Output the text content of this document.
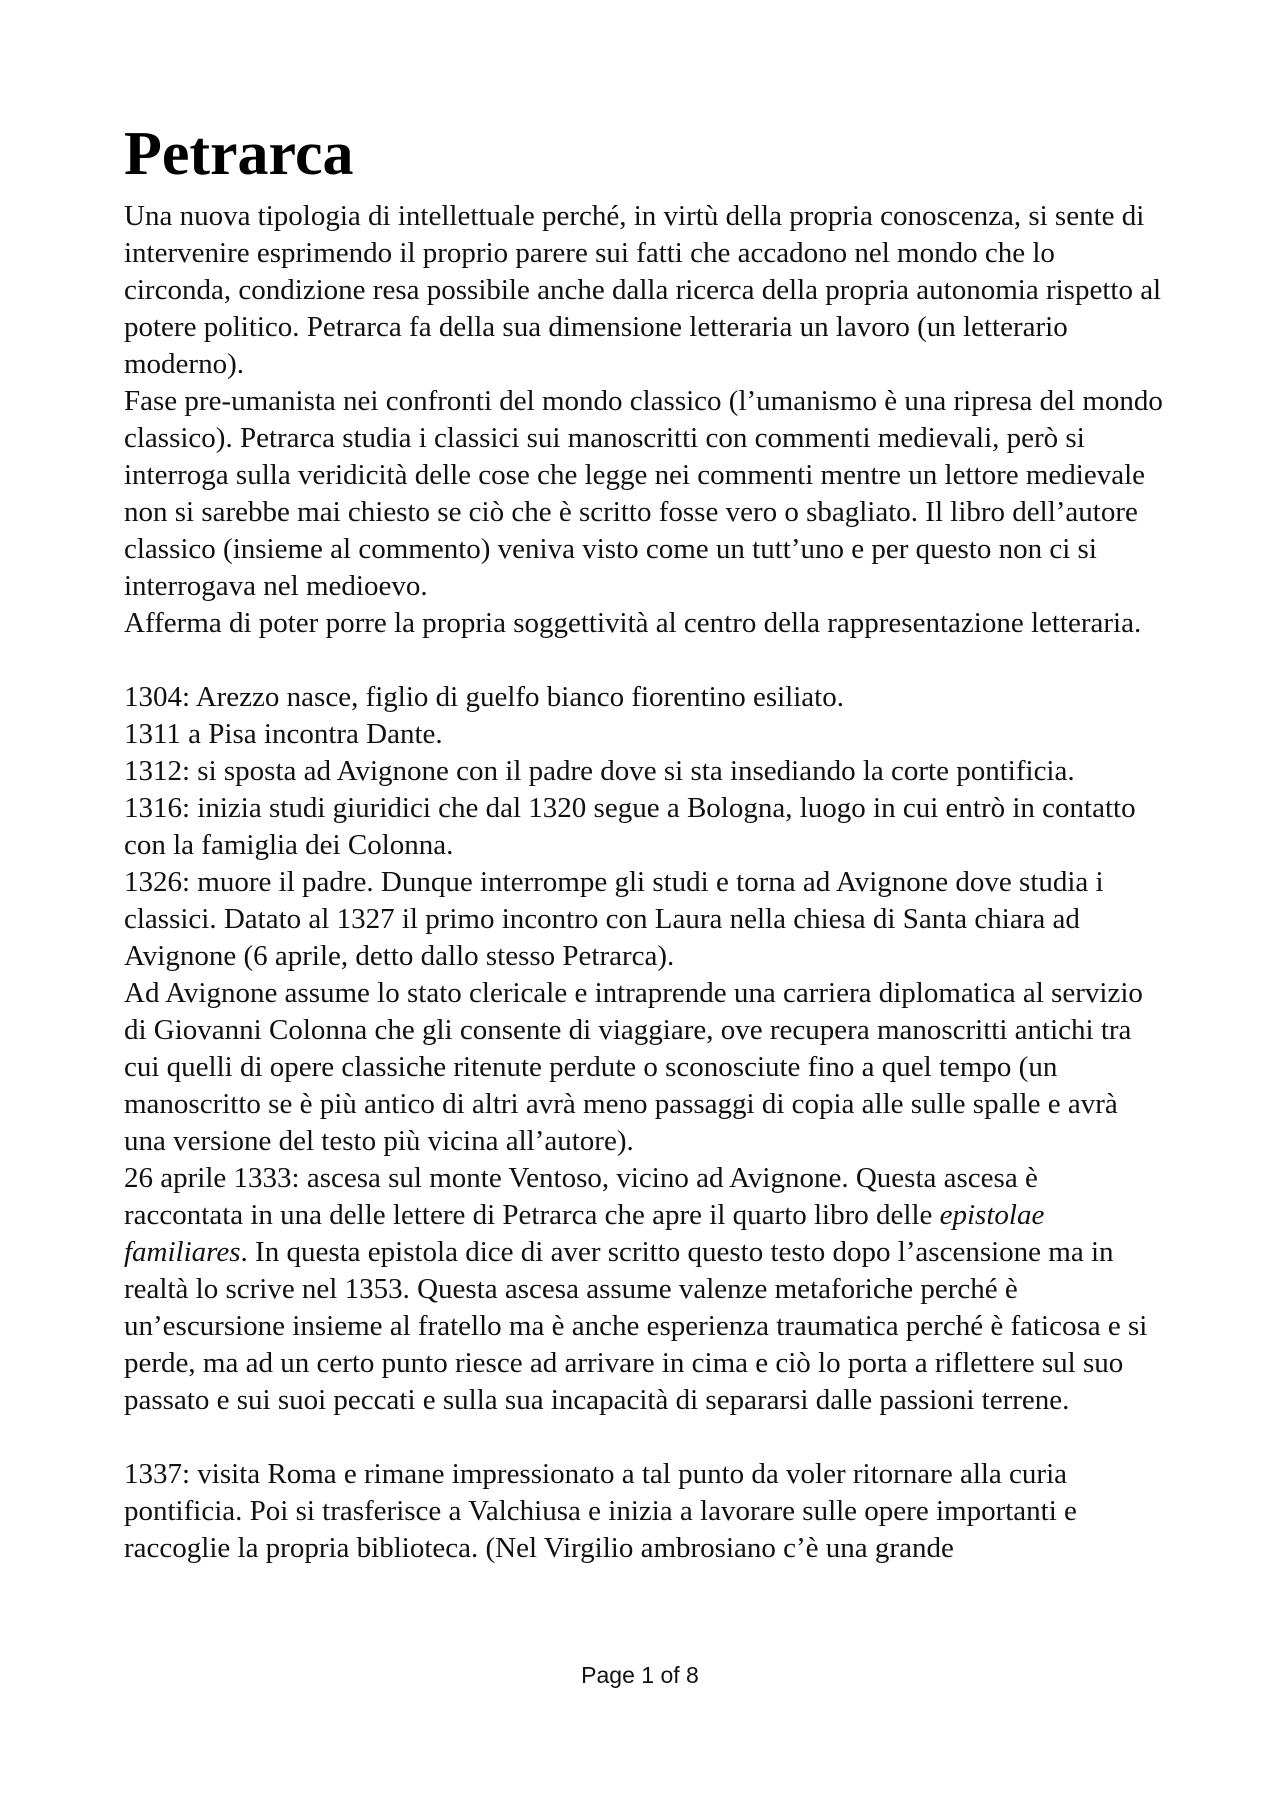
Petrarca

Una nuova tipologia di intellettuale perché, in virtù della propria conoscenza, si sente di intervenire esprimendo il proprio parere sui fatti che accadono nel mondo che lo circonda, condizione resa possibile anche dalla ricerca della propria autonomia rispetto al potere politico. Petrarca fa della sua dimensione letteraria un lavoro (un letterario moderno).

Fase pre-umanista nei confronti del mondo classico (l’umanismo è una ripresa del mondo classico). Petrarca studia i classici sui manoscritti con commenti medievali, però si interroga sulla veridicità delle cose che legge nei commenti mentre un lettore medievale non si sarebbe mai chiesto se ciò che è scritto fosse vero o sbagliato. Il libro dell’autore classico (insieme al commento) veniva visto come un tutt’uno e per questo non ci si interrogava nel medioevo.

Afferma di poter porre la propria soggettività al centro della rappresentazione letteraria.

1304: Arezzo nasce, figlio di guelfo bianco fiorentino esiliato.

1311 a Pisa incontra Dante.

1312: si sposta ad Avignone con il padre dove si sta insediando la corte pontificia.

1316: inizia studi giuridici che dal 1320 segue a Bologna, luogo in cui entrò in contatto con la famiglia dei Colonna.

1326: muore il padre. Dunque interrompe gli studi e torna ad Avignone dove studia i classici. Datato al 1327 il primo incontro con Laura nella chiesa di Santa chiara ad Avignone (6 aprile, detto dallo stesso Petrarca).

Ad Avignone assume lo stato clericale e intraprende una carriera diplomatica al servizio di Giovanni Colonna che gli consente di viaggiare, ove recupera manoscritti antichi tra cui quelli di opere classiche ritenute perdute o sconosciute fino a quel tempo (un manoscritto se è più antico di altri avrà meno passaggi di copia alle sulle spalle e avrà una versione del testo più vicina all’autore).

26 aprile 1333: ascesa sul monte Ventoso, vicino ad Avignone. Questa ascesa è raccontata in una delle lettere di Petrarca che apre il quarto libro delle epistolae familiares. In questa epistola dice di aver scritto questo testo dopo l’ascensione ma in realtà lo scrive nel 1353. Questa ascesa assume valenze metaforiche perché è un’escursione insieme al fratello ma è anche esperienza traumatica perché è faticosa e si perde, ma ad un certo punto riesce ad arrivare in cima e ciò lo porta a riflettere sul suo passato e sui suoi peccati e sulla sua incapacità di separarsi dalle passioni terrene.

1337: visita Roma e rimane impressionato a tal punto da voler ritornare alla curia pontificia. Poi si trasferisce a Valchiusa e inizia a lavorare sulle opere importanti e raccoglie la propria biblioteca. (Nel Virgilio ambrosiano c’è una grande

Page 1 of 8
